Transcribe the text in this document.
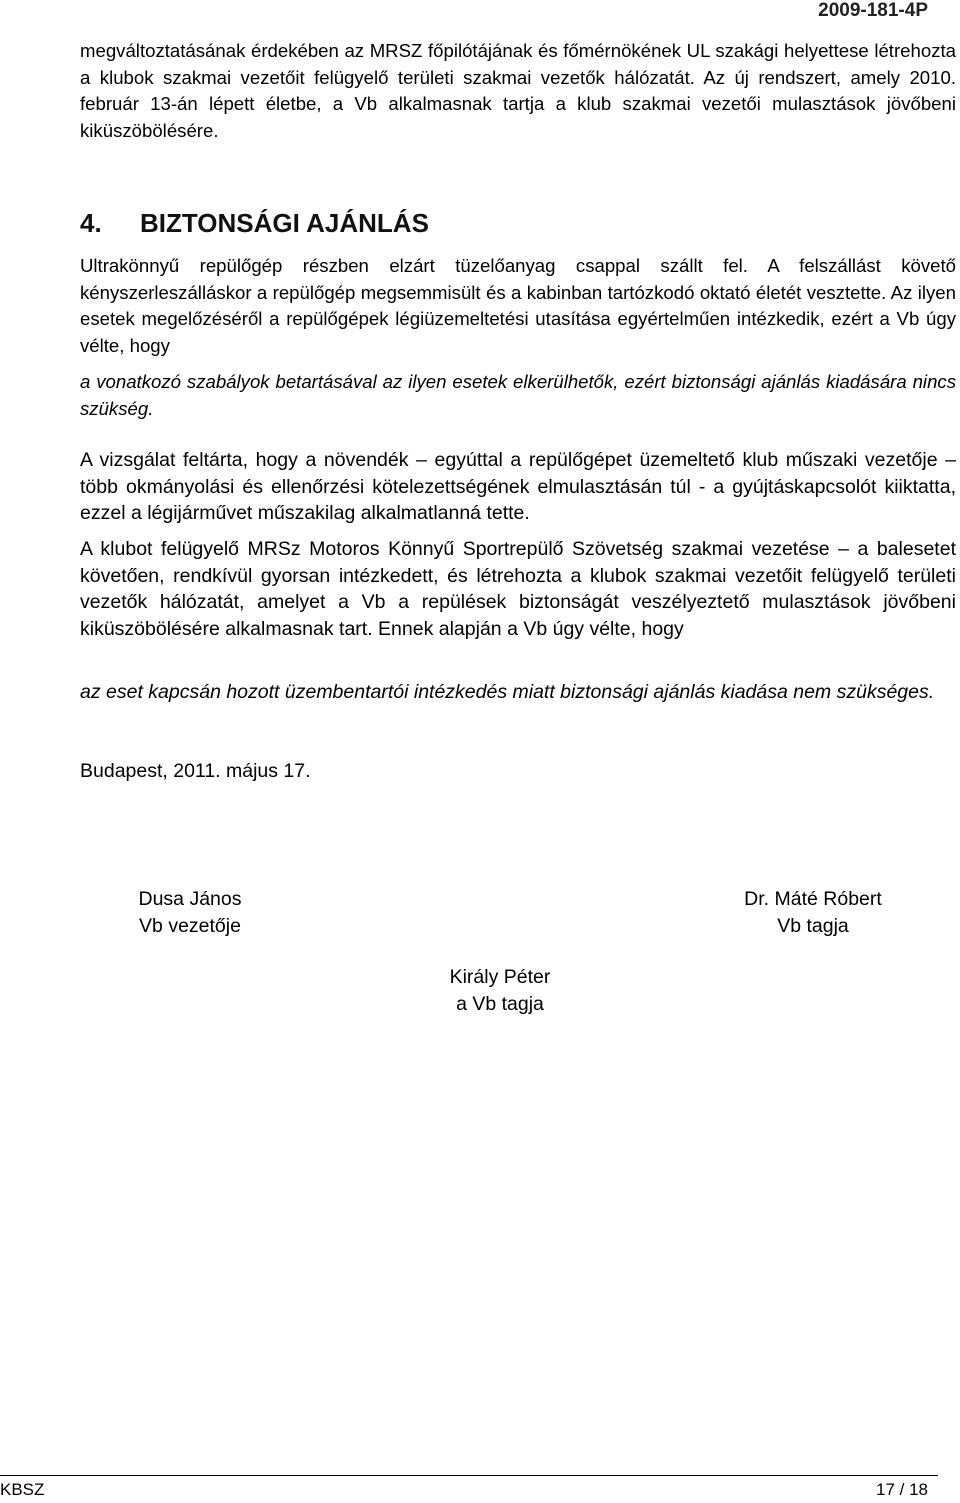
2009-181-4P

megváltoztatásának érdekében az MRSZ főpilótájának és főmérnökének UL szakági helyettese létrehozta a klubok szakmai vezetőit felügyelő területi szakmai vezetők hálózatát. Az új rendszert, amely 2010. február 13-án lépett életbe, a Vb alkalmasnak tartja a klub szakmai vezetői mulasztások jövőbeni kiküszöbölésére.

4. BIZTONSÁGI AJÁNLÁS

Ultrakönnyű repülőgép részben elzárt tüzelőanyag csappal szállt fel. A felszállást követő kényszerleszálláskor a repülőgép megsemmisült és a kabinban tartózkodó oktató életét vesztette. Az ilyen esetek megelőzéséről a repülőgépek légiüzemeltetési utasítása egyértelműen intézkedik, ezért a Vb úgy vélte, hogy

a vonatkozó szabályok betartásával az ilyen esetek elkerülhetők, ezért biztonsági ajánlás kiadására nincs szükség.

A vizsgálat feltárta, hogy a növendék – egyúttal a repülőgépet üzemeltető klub műszaki vezetője – több okmányolási és ellenőrzési kötelezettségének elmulasztásán túl - a gyújtáskapcsolót kiiktatta, ezzel a légijárművet műszakilag alkalmatlanná tette.

A klubot felügyelő MRSz Motoros Könnyű Sportrepülő Szövetség szakmai vezetése – a balesetet követően, rendkívül gyorsan intézkedett, és létrehozta a klubok szakmai vezetőit felügyelő területi vezetők hálózatát, amelyet a Vb a repülések biztonságát veszélyeztető mulasztások jövőbeni kiküszöbölésére alkalmasnak tart. Ennek alapján a Vb úgy vélte, hogy

az eset kapcsán hozott üzembentartói intézkedés miatt biztonsági ajánlás kiadása nem szükséges.

Budapest, 2011. május 17.

Dusa János
Vb vezetője
Dr. Máté Róbert
Vb tagja
Király Péter
a Vb tagja
KBSZ	17 / 18
